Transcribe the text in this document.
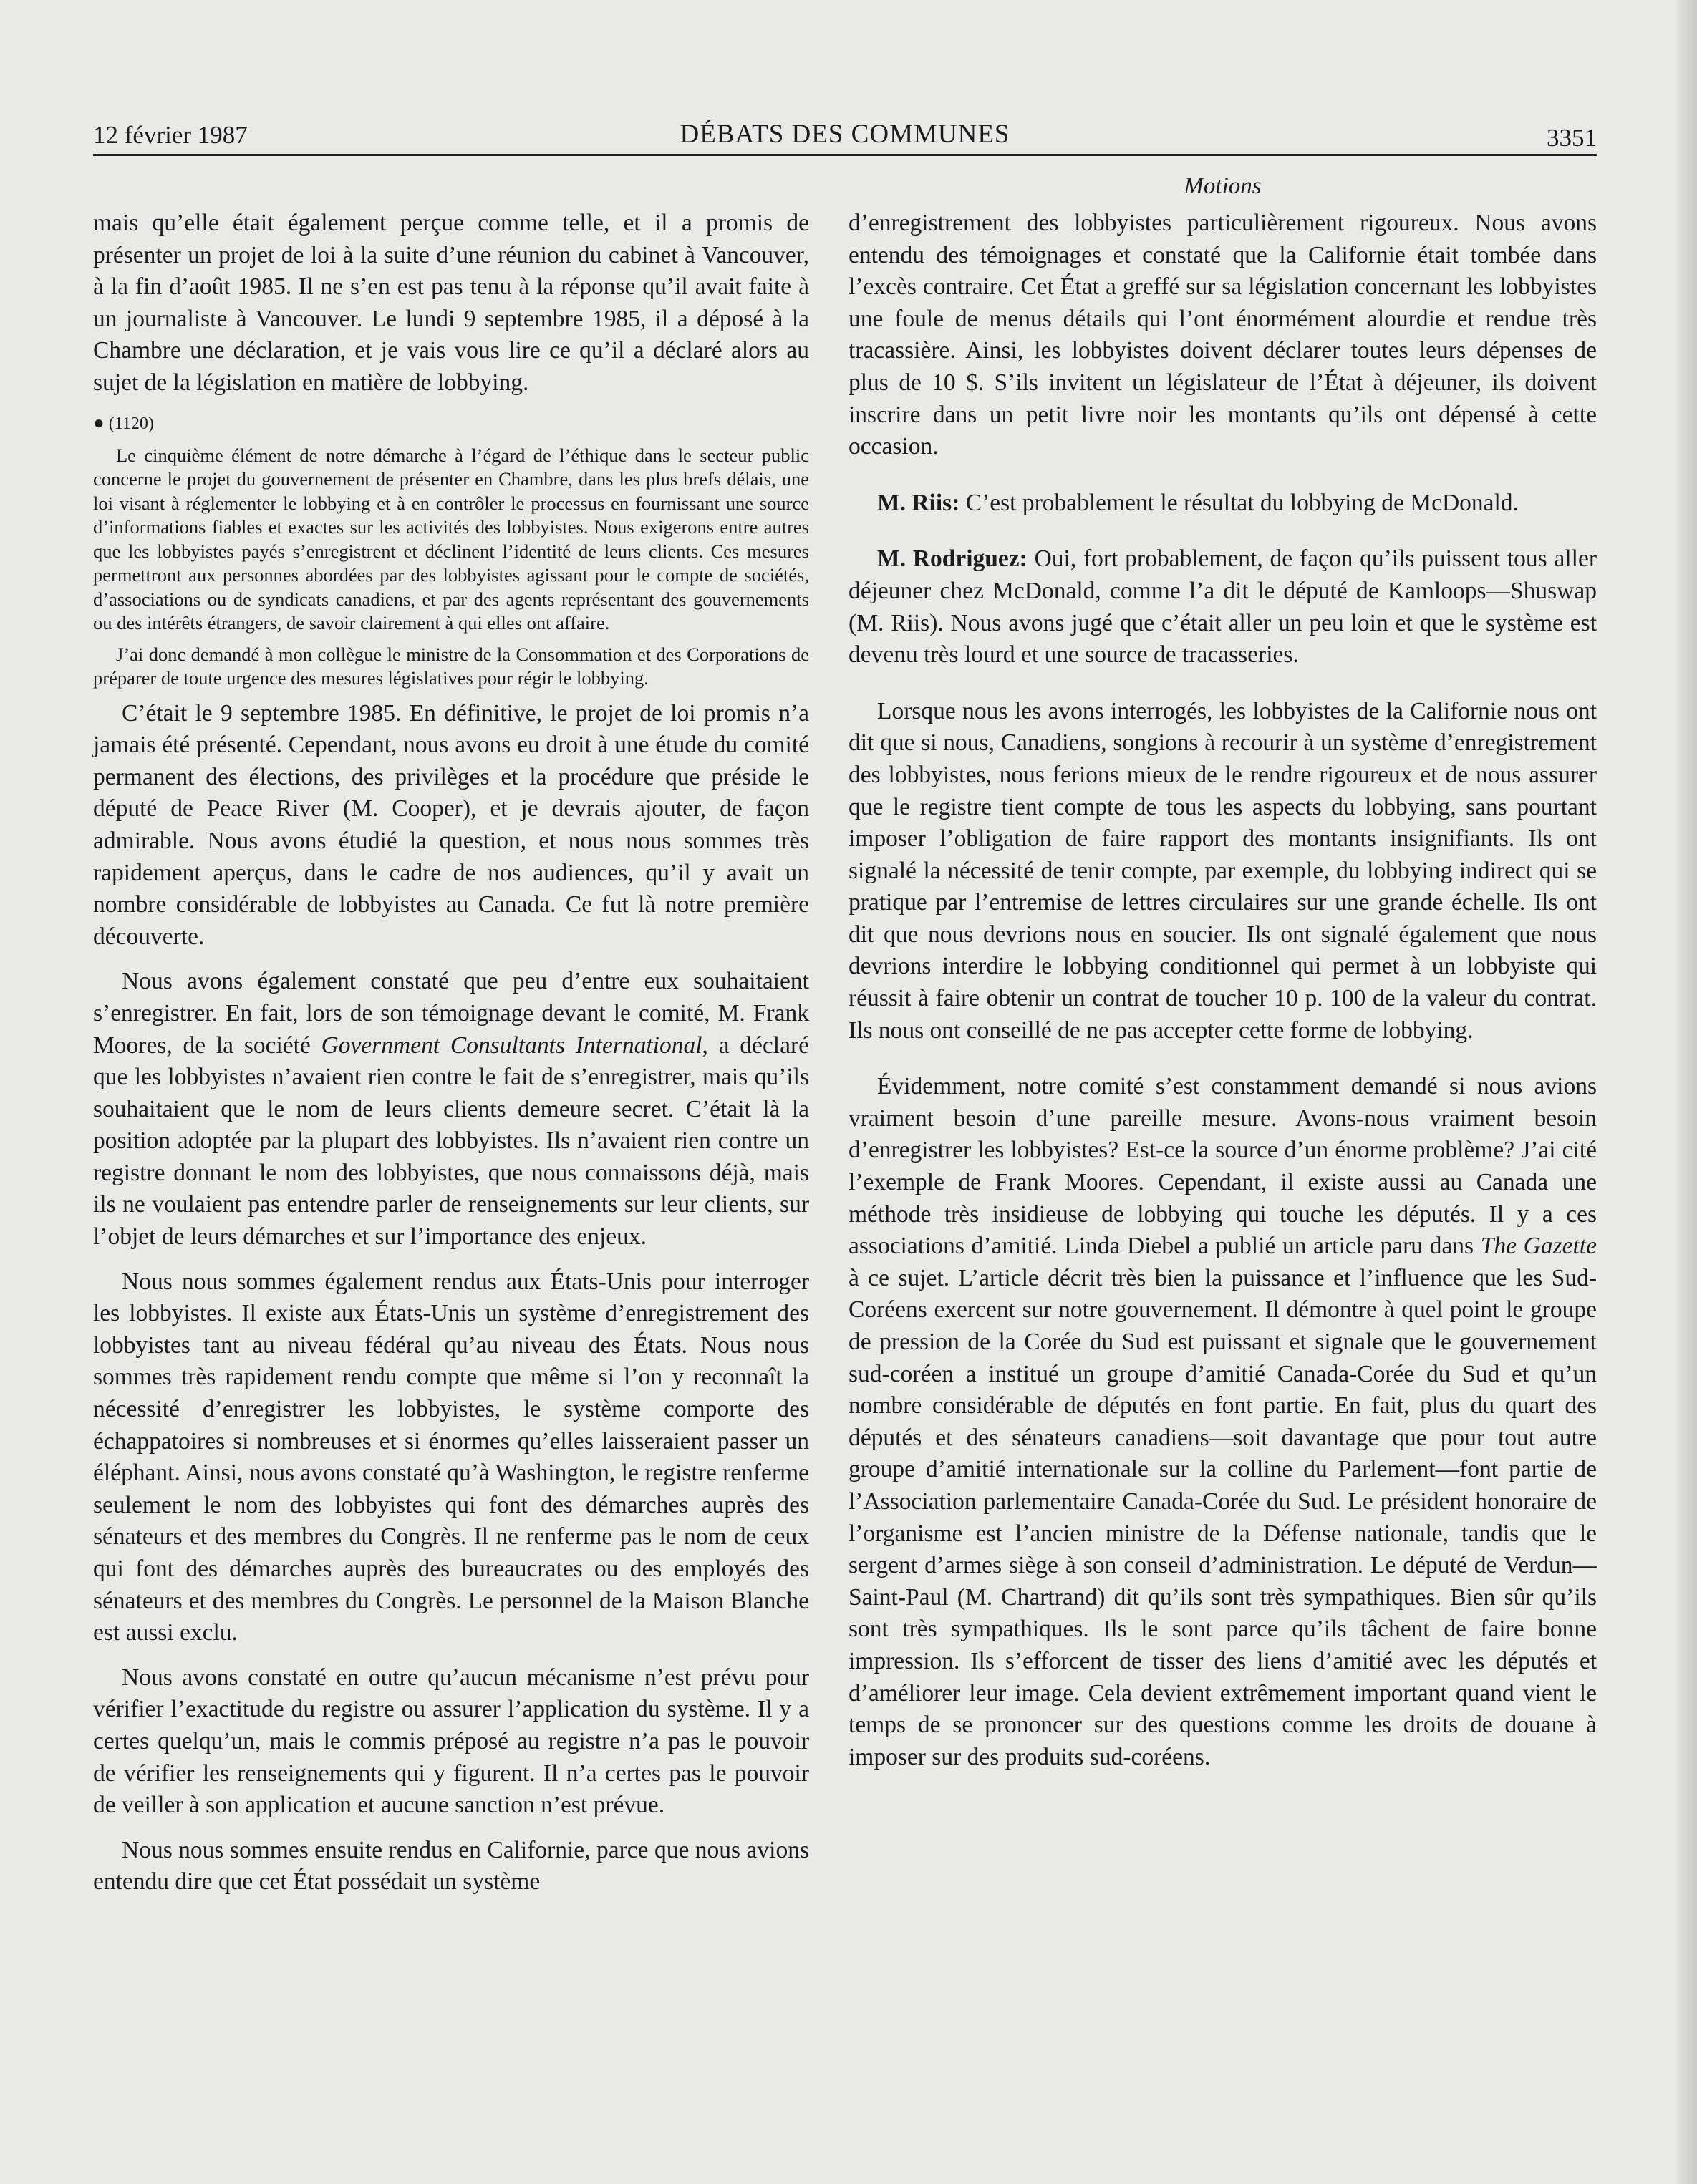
12 février 1987	DÉBATS DES COMMUNES	3351
Motions

mais qu’elle était également perçue comme telle, et il a promis de présenter un projet de loi à la suite d’une réunion du cabinet à Vancouver, à la fin d’août 1985. Il ne s’en est pas tenu à la réponse qu’il avait faite à un journaliste à Vancouver. Le lundi 9 septembre 1985, il a déposé à la Chambre une déclaration, et je vais vous lire ce qu’il a déclaré alors au sujet de la législation en matière de lobbying.

● (1120)

Le cinquième élément de notre démarche à l’égard de l’éthique dans le secteur public concerne le projet du gouvernement de présenter en Chambre, dans les plus brefs délais, une loi visant à réglementer le lobbying et à en contrôler le processus en fournissant une source d’informations fiables et exactes sur les activités des lobbyistes. Nous exigerons entre autres que les lobbyistes payés s’enregistrent et déclinent l’identité de leurs clients. Ces mesures permettront aux personnes abordées par des lobbyistes agissant pour le compte de sociétés, d’associations ou de syndicats canadiens, et par des agents représentant des gouvernements ou des intérêts étrangers, de savoir clairement à qui elles ont affaire.

J’ai donc demandé à mon collègue le ministre de la Consommation et des Corporations de préparer de toute urgence des mesures législatives pour régir le lobbying.

C’était le 9 septembre 1985. En définitive, le projet de loi promis n’a jamais été présenté. Cependant, nous avons eu droit à une étude du comité permanent des élections, des privilèges et la procédure que préside le député de Peace River (M. Cooper), et je devrais ajouter, de façon admirable. Nous avons étudié la question, et nous nous sommes très rapidement aperçus, dans le cadre de nos audiences, qu’il y avait un nombre considérable de lobbyistes au Canada. Ce fut là notre première découverte.

Nous avons également constaté que peu d’entre eux souhaitaient s’enregistrer. En fait, lors de son témoignage devant le comité, M. Frank Moores, de la société Government Consultants International, a déclaré que les lobbyistes n’avaient rien contre le fait de s’enregistrer, mais qu’ils souhaitaient que le nom de leurs clients demeure secret. C’était là la position adoptée par la plupart des lobbyistes. Ils n’avaient rien contre un registre donnant le nom des lobbyistes, que nous connaissons déjà, mais ils ne voulaient pas entendre parler de renseignements sur leur clients, sur l’objet de leurs démarches et sur l’importance des enjeux.

Nous nous sommes également rendus aux États-Unis pour interroger les lobbyistes. Il existe aux États-Unis un système d’enregistrement des lobbyistes tant au niveau fédéral qu’au niveau des États. Nous nous sommes très rapidement rendu compte que même si l’on y reconnaît la nécessité d’enregistrer les lobbyistes, le système comporte des échappatoires si nombreuses et si énormes qu’elles laisseraient passer un éléphant. Ainsi, nous avons constaté qu’à Washington, le registre renferme seulement le nom des lobbyistes qui font des démarches auprès des sénateurs et des membres du Congrès. Il ne renferme pas le nom de ceux qui font des démarches auprès des bureaucrates ou des employés des sénateurs et des membres du Congrès. Le personnel de la Maison Blanche est aussi exclu.

Nous avons constaté en outre qu’aucun mécanisme n’est prévu pour vérifier l’exactitude du registre ou assurer l’application du système. Il y a certes quelqu’un, mais le commis préposé au registre n’a pas le pouvoir de vérifier les renseignements qui y figurent. Il n’a certes pas le pouvoir de veiller à son application et aucune sanction n’est prévue.

Nous nous sommes ensuite rendus en Californie, parce que nous avions entendu dire que cet État possédait un système

d’enregistrement des lobbyistes particulièrement rigoureux. Nous avons entendu des témoignages et constaté que la Californie était tombée dans l’excès contraire. Cet État a greffé sur sa législation concernant les lobbyistes une foule de menus détails qui l’ont énormément alourdie et rendue très tracassière. Ainsi, les lobbyistes doivent déclarer toutes leurs dépenses de plus de 10 $. S’ils invitent un législateur de l’État à déjeuner, ils doivent inscrire dans un petit livre noir les montants qu’ils ont dépensé à cette occasion.

M. Riis: C’est probablement le résultat du lobbying de McDonald.

M. Rodriguez: Oui, fort probablement, de façon qu’ils puissent tous aller déjeuner chez McDonald, comme l’a dit le député de Kamloops—Shuswap (M. Riis). Nous avons jugé que c’était aller un peu loin et que le système est devenu très lourd et une source de tracasseries.

Lorsque nous les avons interrogés, les lobbyistes de la Californie nous ont dit que si nous, Canadiens, songions à recourir à un système d’enregistrement des lobbyistes, nous ferions mieux de le rendre rigoureux et de nous assurer que le registre tient compte de tous les aspects du lobbying, sans pourtant imposer l’obligation de faire rapport des montants insignifiants. Ils ont signalé la nécessité de tenir compte, par exemple, du lobbying indirect qui se pratique par l’entremise de lettres circulaires sur une grande échelle. Ils ont dit que nous devrions nous en soucier. Ils ont signalé également que nous devrions interdire le lobbying conditionnel qui permet à un lobbyiste qui réussit à faire obtenir un contrat de toucher 10 p. 100 de la valeur du contrat. Ils nous ont conseillé de ne pas accepter cette forme de lobbying.

Évidemment, notre comité s’est constamment demandé si nous avions vraiment besoin d’une pareille mesure. Avons-nous vraiment besoin d’enregistrer les lobbyistes? Est-ce la source d’un énorme problème? J’ai cité l’exemple de Frank Moores. Cependant, il existe aussi au Canada une méthode très insidieuse de lobbying qui touche les députés. Il y a ces associations d’amitié. Linda Diebel a publié un article paru dans The Gazette à ce sujet. L’article décrit très bien la puissance et l’influence que les Sud-Coréens exercent sur notre gouvernement. Il démontre à quel point le groupe de pression de la Corée du Sud est puissant et signale que le gouvernement sud-coréen a institué un groupe d’amitié Canada-Corée du Sud et qu’un nombre considérable de députés en font partie. En fait, plus du quart des députés et des sénateurs canadiens—soit davantage que pour tout autre groupe d’amitié internationale sur la colline du Parlement—font partie de l’Association parlementaire Canada-Corée du Sud. Le président honoraire de l’organisme est l’ancien ministre de la Défense nationale, tandis que le sergent d’armes siège à son conseil d’administration. Le député de Verdun—Saint-Paul (M. Chartrand) dit qu’ils sont très sympathiques. Bien sûr qu’ils sont très sympathiques. Ils le sont parce qu’ils tâchent de faire bonne impression. Ils s’efforcent de tisser des liens d’amitié avec les députés et d’améliorer leur image. Cela devient extrêmement important quand vient le temps de se prononcer sur des questions comme les droits de douane à imposer sur des produits sud-coréens.
